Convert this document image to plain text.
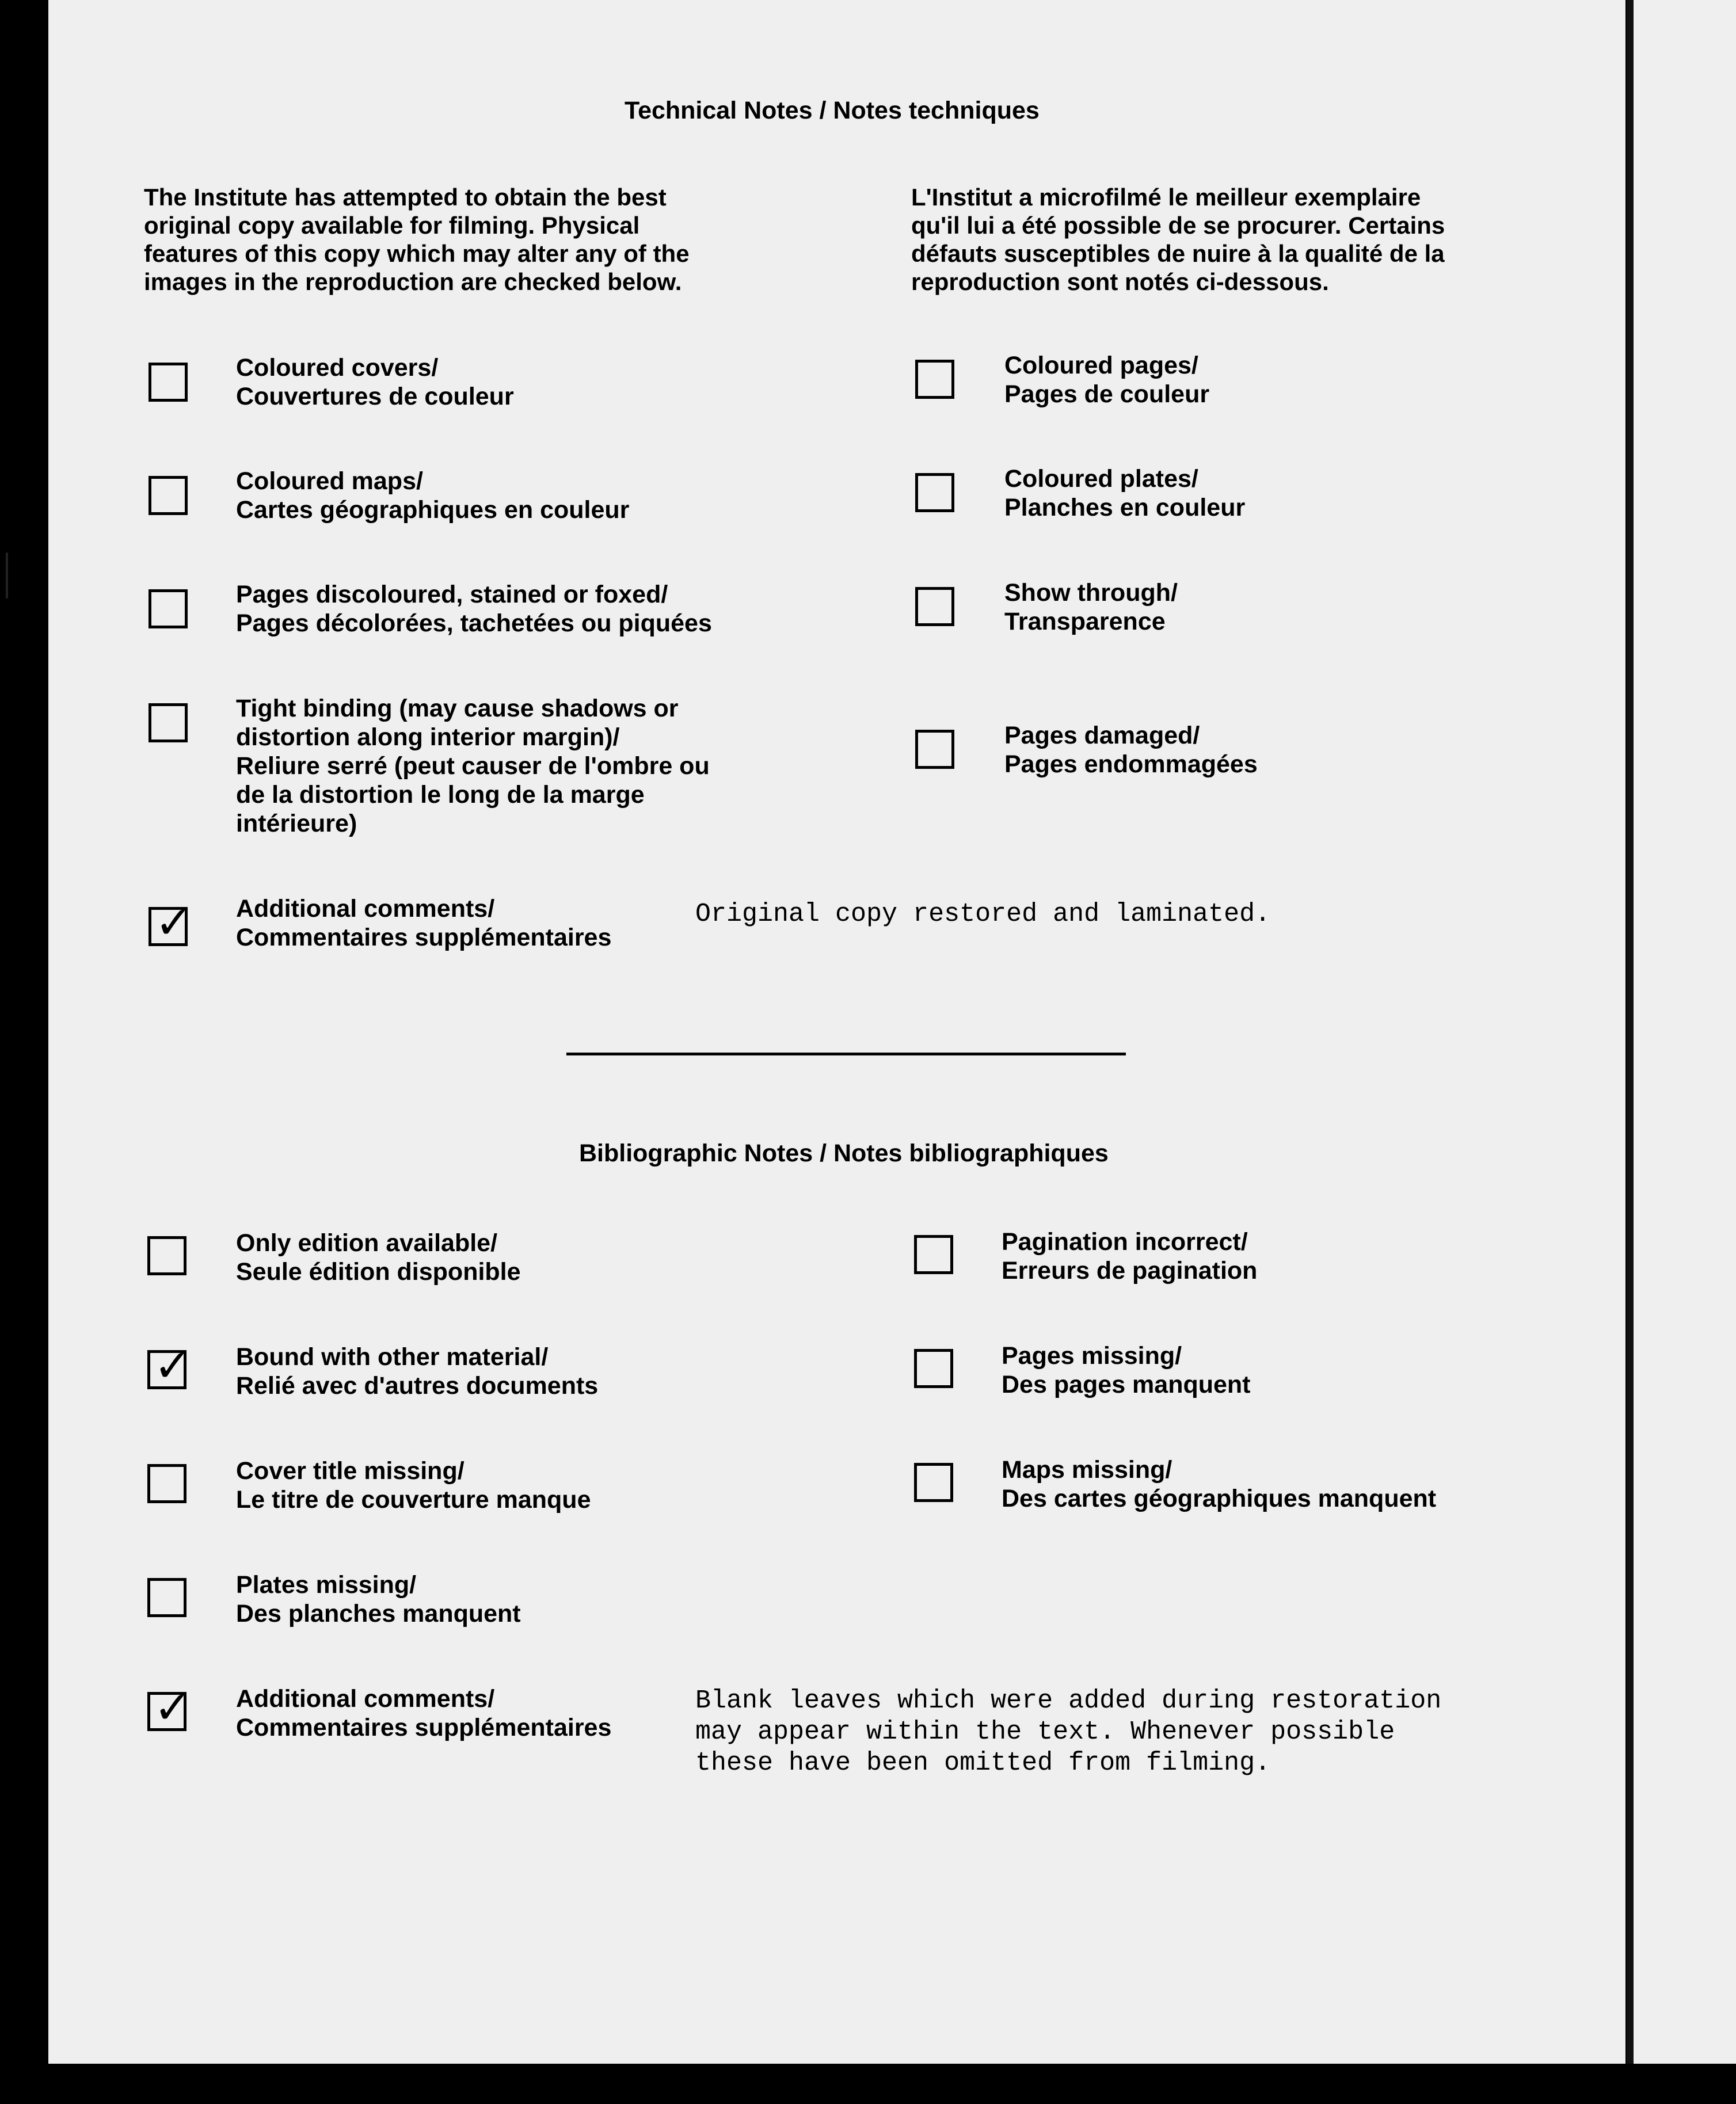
Technical Notes / Notes techniques
The Institute has attempted to obtain the best
original copy available for filming. Physical
features of this copy which may alter any of the
images in the reproduction are checked below.
L'Institut a microfilmé le meilleur exemplaire
qu'il lui a été possible de se procurer. Certains
défauts susceptibles de nuire à la qualité de la
reproduction sont notés ci-dessous.
Coloured covers/
Couvertures de couleur
Coloured maps/
Cartes géographiques en couleur
Pages discoloured, stained or foxed/
Pages décolorées, tachetées ou piquées
Tight binding (may cause shadows or
distortion along interior margin)/
Reliure serré (peut causer de l'ombre ou
de la distortion le long de la marge
intérieure)
Coloured pages/
Pages de couleur
Coloured plates/
Planches en couleur
Show through/
Transparence
Pages damaged/
Pages endommagées
✓ Additional comments/
Commentaires supplémentaires
Original copy restored and laminated.
Bibliographic Notes / Notes bibliographiques
Only edition available/
Seule édition disponible
✓ Bound with other material/
Relié avec d'autres documents
Cover title missing/
Le titre de couverture manque
Plates missing/
Des planches manquent
✓ Additional comments/
Commentaires supplémentaires
Blank leaves which were added during restoration
may appear within the text. Whenever possible
these have been omitted from filming.
Pagination incorrect/
Erreurs de pagination
Pages missing/
Des pages manquent
Maps missing/
Des cartes géographiques manquent
